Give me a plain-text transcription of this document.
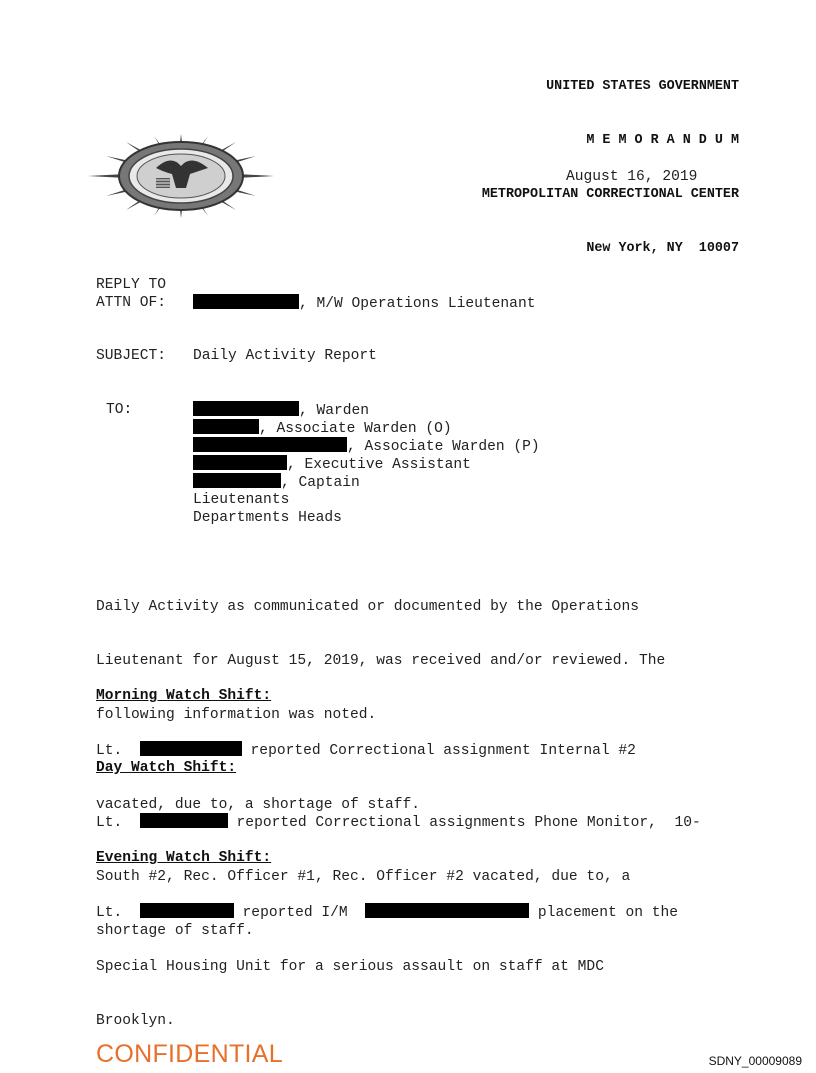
UNITED STATES GOVERNMENT

M E M O R A N D U M

METROPOLITAN CORRECTIONAL CENTER

New York, NY  10007

August 16, 2019
REPLY TO
ATTN OF:	, M/W Operations Lieutenant
SUBJECT: Daily Activity Report
TO:	, Warden
, Associate Warden (O)
, Associate Warden (P)
, Executive Assistant
, Captain
Lieutenants
Departments Heads

Daily Activity as communicated or documented by the Operations

Lieutenant for August 15, 2019, was received and/or reviewed. The

following information was noted.

Morning Watch Shift:

Lt.	reported Correctional assignment Internal #2

vacated, due to, a shortage of staff.

Day Watch Shift:

Lt.	reported Correctional assignments Phone Monitor,  10-

South #2, Rec. Officer #1, Rec. Officer #2 vacated, due to, a

shortage of staff.

Evening Watch Shift:

Lt.	reported I/M	placement on the

Special Housing Unit for a serious assault on staff at MDC

Brooklyn.

CONFIDENTIAL	SDNY_00009089
